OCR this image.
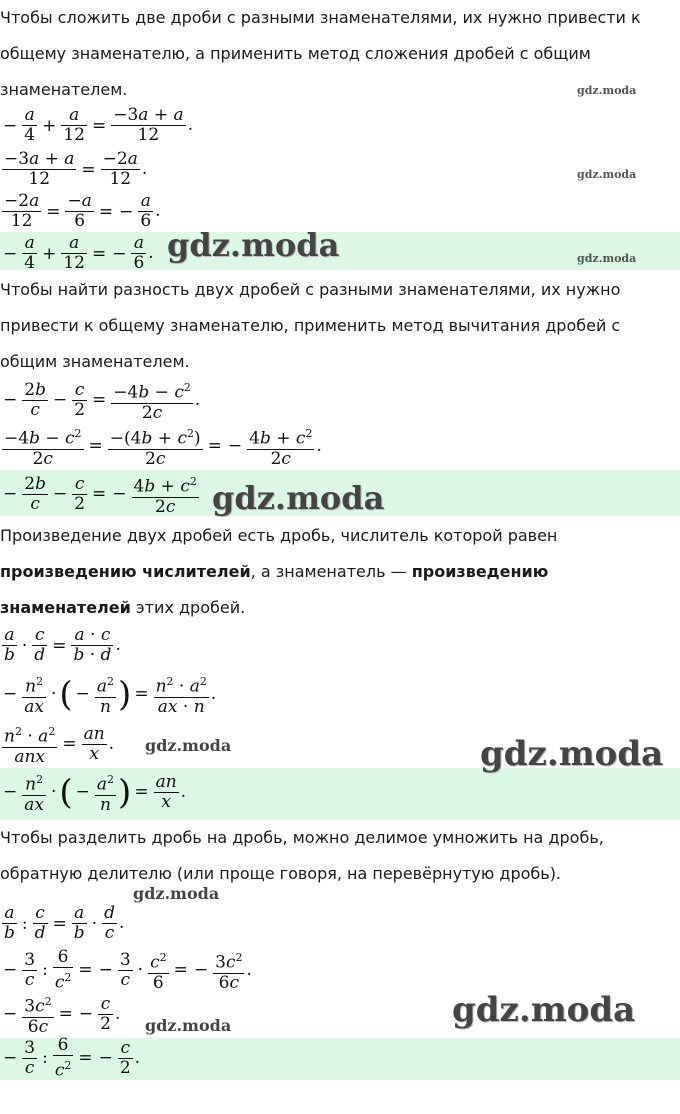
Чтобы сложить две дроби с разными знаменателями, их нужно привести к общему знаменателю, а применить метод сложения дробей с общим знаменателем.	gdz.moda
− $\frac{a}{4} + \frac{a}{12} = \frac{-3a + a}{12}$ .
$\frac{-3a + a}{12} = \frac{-2a}{12}$ .	gdz.moda
$\frac{-2a}{12} = \frac{-a}{6}$ = − $\frac{a}{6}$ .
− $\frac{a}{4} + \frac{a}{12}$ = − $\frac{a}{6}$ . gdz.moda	gdz.moda

Чтобы найти разность двух дробей с разными знаменателями, их нужно привести к общему знаменателю, применить метод вычитания дробей с общим знаменателем.

− $\frac{2b}{c} - \frac{c}{2} = \frac{-4b - c^2}{2c}$ .
$\frac{-4b - c^2}{2c} = \frac{-(4b + c^2)}{2c}$ = − $\frac{4b + c^2}{2c}$ .
− $\frac{2b}{c} - \frac{c}{2}$ = − $\frac{4b + c^2}{2c}$ gdz.moda

Произведение двух дробей есть дробь, числитель которой равен произведению числителей, а знаменатель — произведению знаменателей этих дробей.

$\frac{a}{b} \cdot \frac{c}{d} = \frac{a \cdot c}{b \cdot d}$ .
− $\frac{n^2}{ax}$ ·( − $\frac{a^2}{n}$ ) = $\frac{n^2 \cdot a^2}{ax \cdot n}$ .
$\frac{n^2 \cdot a^2}{\text{anx}} = \frac{an}{x}$ . gdz.moda	gdz.moda
− $\frac{n^2}{ax}$ ·( − $\frac{a^2}{n}$ ) = $\frac{an}{x}$ .

Чтобы разделить дробь на дробь, можно делимое умножить на дробь, обратную делителю (или проще говоря, на перевёрнутую дробь).

gdz.moda
$\frac{a}{b}$ : $\frac{c}{d} = \frac{a}{b} \cdot \frac{d}{c}$ .
− $\frac{3}{c}$ : $\frac{6}{c^2}$ = − $\frac{3}{c} \cdot \frac{c^2}{6}$ = − $\frac{3c^2}{6c}$ .
gdz.moda
− $\frac{3c^2}{6c}$ = − $\frac{c}{2}$ .
gdz.moda
− $\frac{3}{c}$ : $\frac{6}{c^2}$ = − $\frac{c}{2}$ .
